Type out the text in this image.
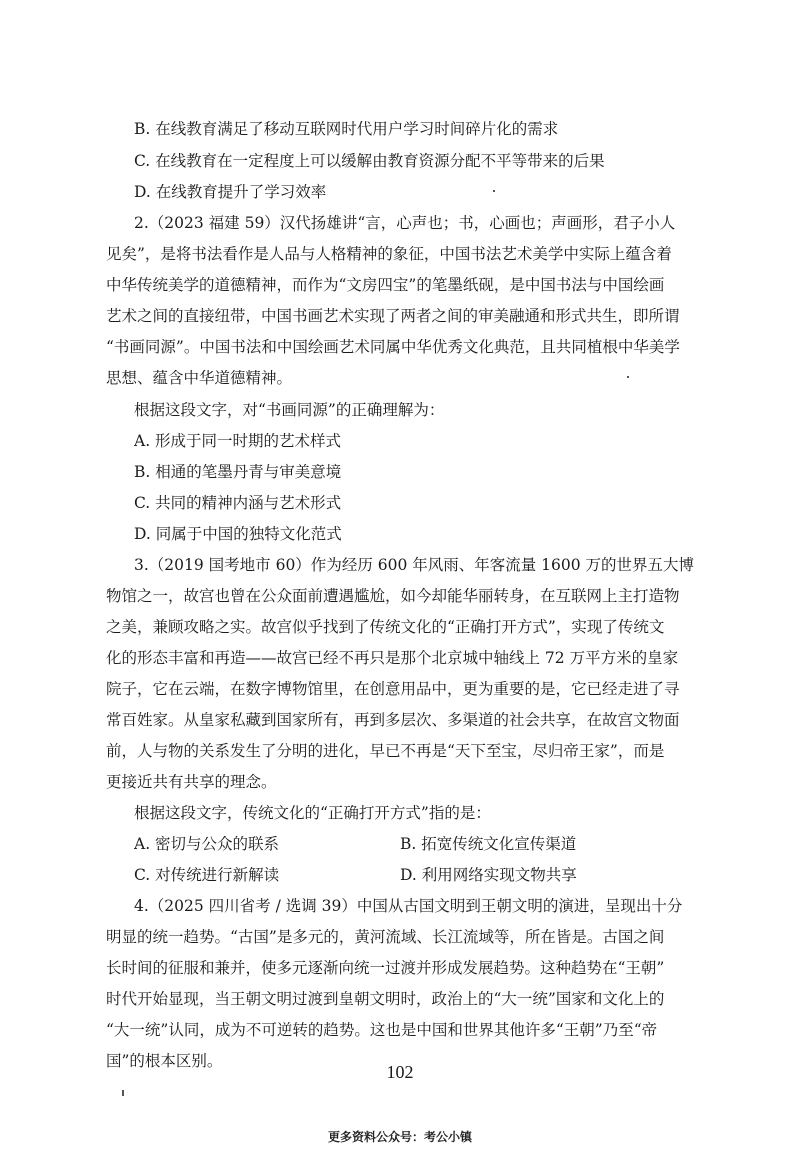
B. 在线教育满足了移动互联网时代用户学习时间碎片化的需求
C. 在线教育在一定程度上可以缓解由教育资源分配不平等带来的后果
D. 在线教育提升了学习效率
2.（2023 福建 59）汉代扬雄讲“言，心声也；书，心画也；声画形，君子小人
见矣”，是将书法看作是人品与人格精神的象征，中国书法艺术美学中实际上蕴含着
中华传统美学的道德精神，而作为“文房四宝”的笔墨纸砚，是中国书法与中国绘画
艺术之间的直接纽带，中国书画艺术实现了两者之间的审美融通和形式共生，即所谓
“书画同源”。中国书法和中国绘画艺术同属中华优秀文化典范，且共同植根中华美学
思想、蕴含中华道德精神。
根据这段文字，对“书画同源”的正确理解为：
A. 形成于同一时期的艺术样式
B. 相通的笔墨丹青与审美意境
C. 共同的精神内涵与艺术形式
D. 同属于中国的独特文化范式
3.（2019 国考地市 60）作为经历 600 年风雨、年客流量 1600 万的世界五大博
物馆之一，故宫也曾在公众面前遭遇尴尬，如今却能华丽转身，在互联网上主打造物
之美，兼顾攻略之实。故宫似乎找到了传统文化的“正确打开方式”，实现了传统文
化的形态丰富和再造——故宫已经不再只是那个北京城中轴线上 72 万平方米的皇家
院子，它在云端，在数字博物馆里，在创意用品中，更为重要的是，它已经走进了寻
常百姓家。从皇家私藏到国家所有，再到多层次、多渠道的社会共享，在故宫文物面
前，人与物的关系发生了分明的进化，早已不再是“天下至宝，尽归帝王家”，而是
更接近共有共享的理念。
根据这段文字，传统文化的“正确打开方式”指的是：
A. 密切与公众的联系	B. 拓宽传统文化宣传渠道
C. 对传统进行新解读	D. 利用网络实现文物共享
4.（2025 四川省考 / 选调 39）中国从古国文明到王朝文明的演进，呈现出十分
明显的统一趋势。“古国”是多元的，黄河流域、长江流域等，所在皆是。古国之间
长时间的征服和兼并，使多元逐渐向统一过渡并形成发展趋势。这种趋势在“王朝”
时代开始显现，当王朝文明过渡到皇朝文明时，政治上的“大一统”国家和文化上的
“大一统”认同，成为不可逆转的趋势。这也是中国和世界其他许多“王朝”乃至“帝
国”的根本区别。
102
更多资料公众号：考公小镇
